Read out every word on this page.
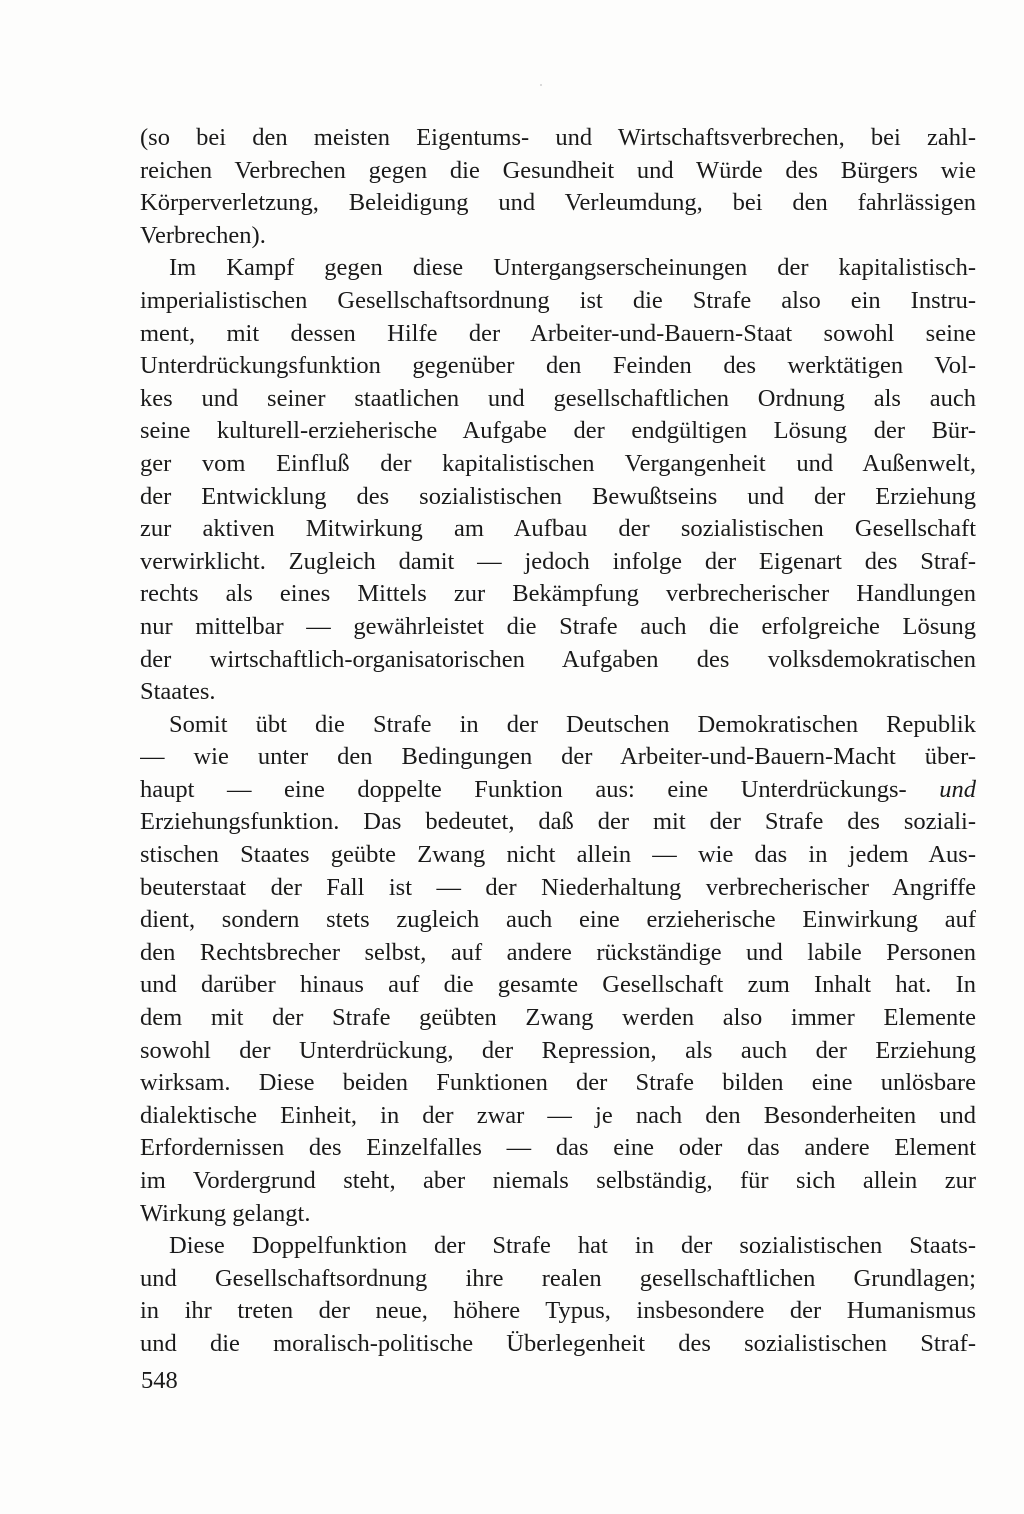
(so bei den meisten Eigentums- und Wirtschaftsverbrechen, bei zahl-
reichen Verbrechen gegen die Gesundheit und Würde des Bürgers wie
Körperverletzung, Beleidigung und Verleumdung, bei den fahrlässigen
Verbrechen).

Im Kampf gegen diese Untergangserscheinungen der kapitalistisch-
imperialistischen Gesellschaftsordnung ist die Strafe also ein Instru-
ment, mit dessen Hilfe der Arbeiter-und-Bauern-Staat sowohl seine
Unterdrückungsfunktion gegenüber den Feinden des werktätigen Vol-
kes und seiner staatlichen und gesellschaftlichen Ordnung als auch
seine kulturell-erzieherische Aufgabe der endgültigen Lösung der Bür-
ger vom Einfluß der kapitalistischen Vergangenheit und Außenwelt,
der Entwicklung des sozialistischen Bewußtseins und der Erziehung
zur aktiven Mitwirkung am Aufbau der sozialistischen Gesellschaft
verwirklicht. Zugleich damit — jedoch infolge der Eigenart des Straf-
rechts als eines Mittels zur Bekämpfung verbrecherischer Handlungen
nur mittelbar — gewährleistet die Strafe auch die erfolgreiche Lösung
der wirtschaftlich-organisatorischen Aufgaben des volksdemokratischen
Staates.

Somit übt die Strafe in der Deutschen Demokratischen Republik
— wie unter den Bedingungen der Arbeiter-und-Bauern-Macht über-
haupt — eine doppelte Funktion aus: eine Unterdrückungs- und
Erziehungsfunktion. Das bedeutet, daß der mit der Strafe des soziali-
stischen Staates geübte Zwang nicht allein — wie das in jedem Aus-
beuterstaat der Fall ist — der Niederhaltung verbrecherischer Angriffe
dient, sondern stets zugleich auch eine erzieherische Einwirkung auf
den Rechtsbrecher selbst, auf andere rückständige und labile Personen
und darüber hinaus auf die gesamte Gesellschaft zum Inhalt hat. In
dem mit der Strafe geübten Zwang werden also immer Elemente
sowohl der Unterdrückung, der Repression, als auch der Erziehung
wirksam. Diese beiden Funktionen der Strafe bilden eine unlösbare
dialektische Einheit, in der zwar — je nach den Besonderheiten und
Erfordernissen des Einzelfalles — das eine oder das andere Element
im Vordergrund steht, aber niemals selbständig, für sich allein zur
Wirkung gelangt.

Diese Doppelfunktion der Strafe hat in der sozialistischen Staats-
und Gesellschaftsordnung ihre realen gesellschaftlichen Grundlagen;
in ihr treten der neue, höhere Typus, insbesondere der Humanismus
und die moralisch-politische Überlegenheit des sozialistischen Straf-

548
